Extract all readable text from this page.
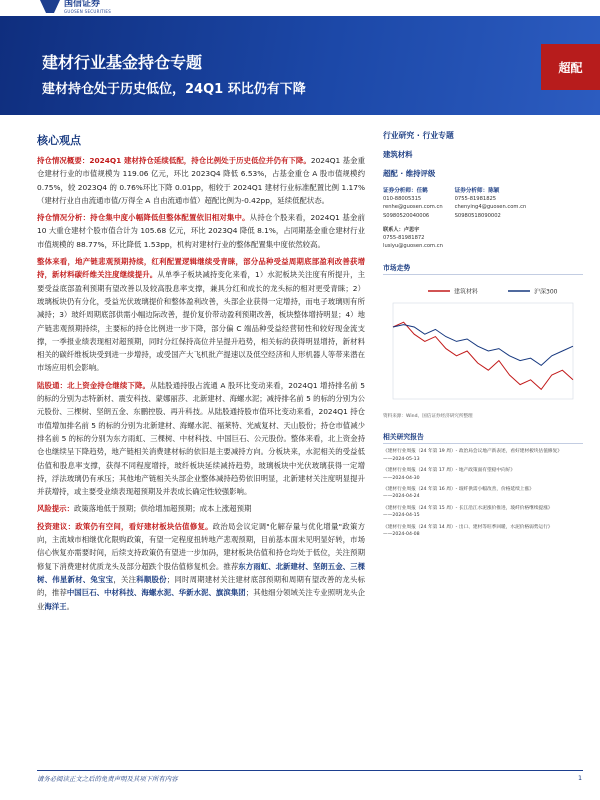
国信证券
GUOSEN SECURITIES
建材行业基金持仓专题
建材持仓处于历史低位，24Q1 环比仍有下降
超配
核心观点

持仓情况概要：2024Q1 建材持仓延续低配，持仓比例处于历史低位并仍有下降。2024Q1 基金重仓建材行业的市值规模为 119.06 亿元，环比 2023Q4 降低 6.53%，占基金重仓 A 股市值规模约 0.75%，较 2023Q4 的 0.76%环比下降 0.01pp，相较于 2024Q1 建材行业标准配置比例 1.17%（建材行业自由流通市值/万得全 A 自由流通市值）超配比例为-0.42pp，延续低配状态。

持仓情况分析：持仓集中度小幅降低但整体配置依旧相对集中。从持仓个股来看，2024Q1 基金前 10 大重仓建材个股市值合计为 105.68 亿元，环比 2023Q4 降低 8.1%，占同期基金重仓建材行业市值规模的 88.77%，环比降低 1.53pp，机构对建材行业的整体配置集中度依然较高。

整体来看，地产链悲观预期持续，红利配置逻辑继续受青睐，部分品种受益周期底部盈利改善获增持，新材料碳纤维关注度继续提升。从单季子板块减持变化来看，1）水泥板块关注度有所提升，主要受益底部盈利预期有望改善以及较高股息率支撑，兼具分红和成长的龙头标的相对更受青睐；2）玻璃板块仍有分化，受益光伏玻璃提价和整体盈利改善，头部企业获得一定增持，而电子玻璃则有所减持；3）玻纤周期底部供需小幅边际改善，提价复价带动盈利预期改善，板块整体增持明显；4）地产链悲观预期持续，主要标的持仓比例进一步下降，部分偏 C 端品种受益经营韧性和较好现金流支撑，一季报业绩表现相对超预期，同时分红保持高位并呈提升趋势，相关标的获得明显增持，新材料相关的碳纤维板块受到进一步增持，或受国产大飞机批产提速以及低空经济和人形机器人等带来潜在市场应用机会影响。

陆股通：北上资金持仓继续下降。从陆股通持股占流通 A 股环比变动来看，2024Q1 增持排名前 5 的标的分别为志特新材、震安科技、蒙娜丽莎、北新建材、海螺水泥；减持排名前 5 的标的分别为公元股份、三棵树、坚朗五金、东鹏控股、再升科技。从陆股通持股市值环比变动来看，2024Q1 持仓市值增加排名前 5 的标的分别为北新建材、海螺水泥、福莱特、光威复材、天山股份；持仓市值减少排名前 5 的标的分别为东方雨虹、三棵树、中材科技、中国巨石、公元股份。整体来看，北上资金持仓也继续呈下降趋势，地产链相关消费建材标的依旧是主要减持方向。分板块来，水泥相关的受益低估值和股息率支撑，获得不同程度增持，玻纤板块延续减持趋势，玻璃板块中光伏玻璃获得一定增持，浮法玻璃仍有承压；其他地产链相关头部企业整体减持趋势依旧明显，北新建材关注度明显提升并获增持，或主要受业绩表现超预期及并表成长确定性较强影响。

风险提示：政策落地低于预期；供给增加超预期；成本上涨超预期

投资建议：政策仍有空间，看好建材板块估值修复。政治局会议定调"化解存量与优化增量"政策方向，主流城市相继优化限购政策，有望一定程度扭转地产悲观预期，目前基本面未见明显好转，市场信心恢复亦需要时间，后续支持政策仍有望进一步加码，建材板块估值和持仓均处于低位，关注预期修复下消费建材优质龙头及部分超跌个股估值修复机会。推荐东方雨虹、北新建材、坚朗五金、三棵树、伟星新材、兔宝宝，关注科顺股份；同时周期建材关注建材底部预期和周期有望改善的龙头标的，推荐中国巨石、中材科技、海螺水泥、华新水泥、旗滨集团；其他细分领域关注专业照明龙头企业海洋王。

行业研究 · 行业专题
建筑材料
超配 · 维持评级
证券分析师：任鹤
010-88005315
renhe@guosen.com.cn
S0980520040006
证券分析师：陈颖
0755-81981825
chenying4@guosen.com.cn
S0980518090002
联系人：卢思宇
0755-81981872
lusiyu@guosen.com.cn
市场走势
建筑材料	沪深300
资料来源：Wind、国信证券经济研究所整理
相关研究报告
《建材行业周报（24 年第 19 周）- 政治局会议地产新表述，看好建材板块估值修复》
——2024-05-13
《建材行业周报（24 年第 17 周）- 地产政策面有望稳中向好》
——2024-04-30
《建材行业周报（24 年第 16 周）- 玻纤供需小幅改善，价格延续上涨》
——2024-04-24
《建材行业周报（24 年第 15 周）- 长江沿江水泥涨价推进，玻纤价格继续提涨》
——2024-04-15
《建材行业周报（24 年第 14 周）- 出口、建材等旺季回暖，水泥价格弱势运行》
——2024-04-08
请务必阅读正文之后的免责声明及其项下所有内容	1
